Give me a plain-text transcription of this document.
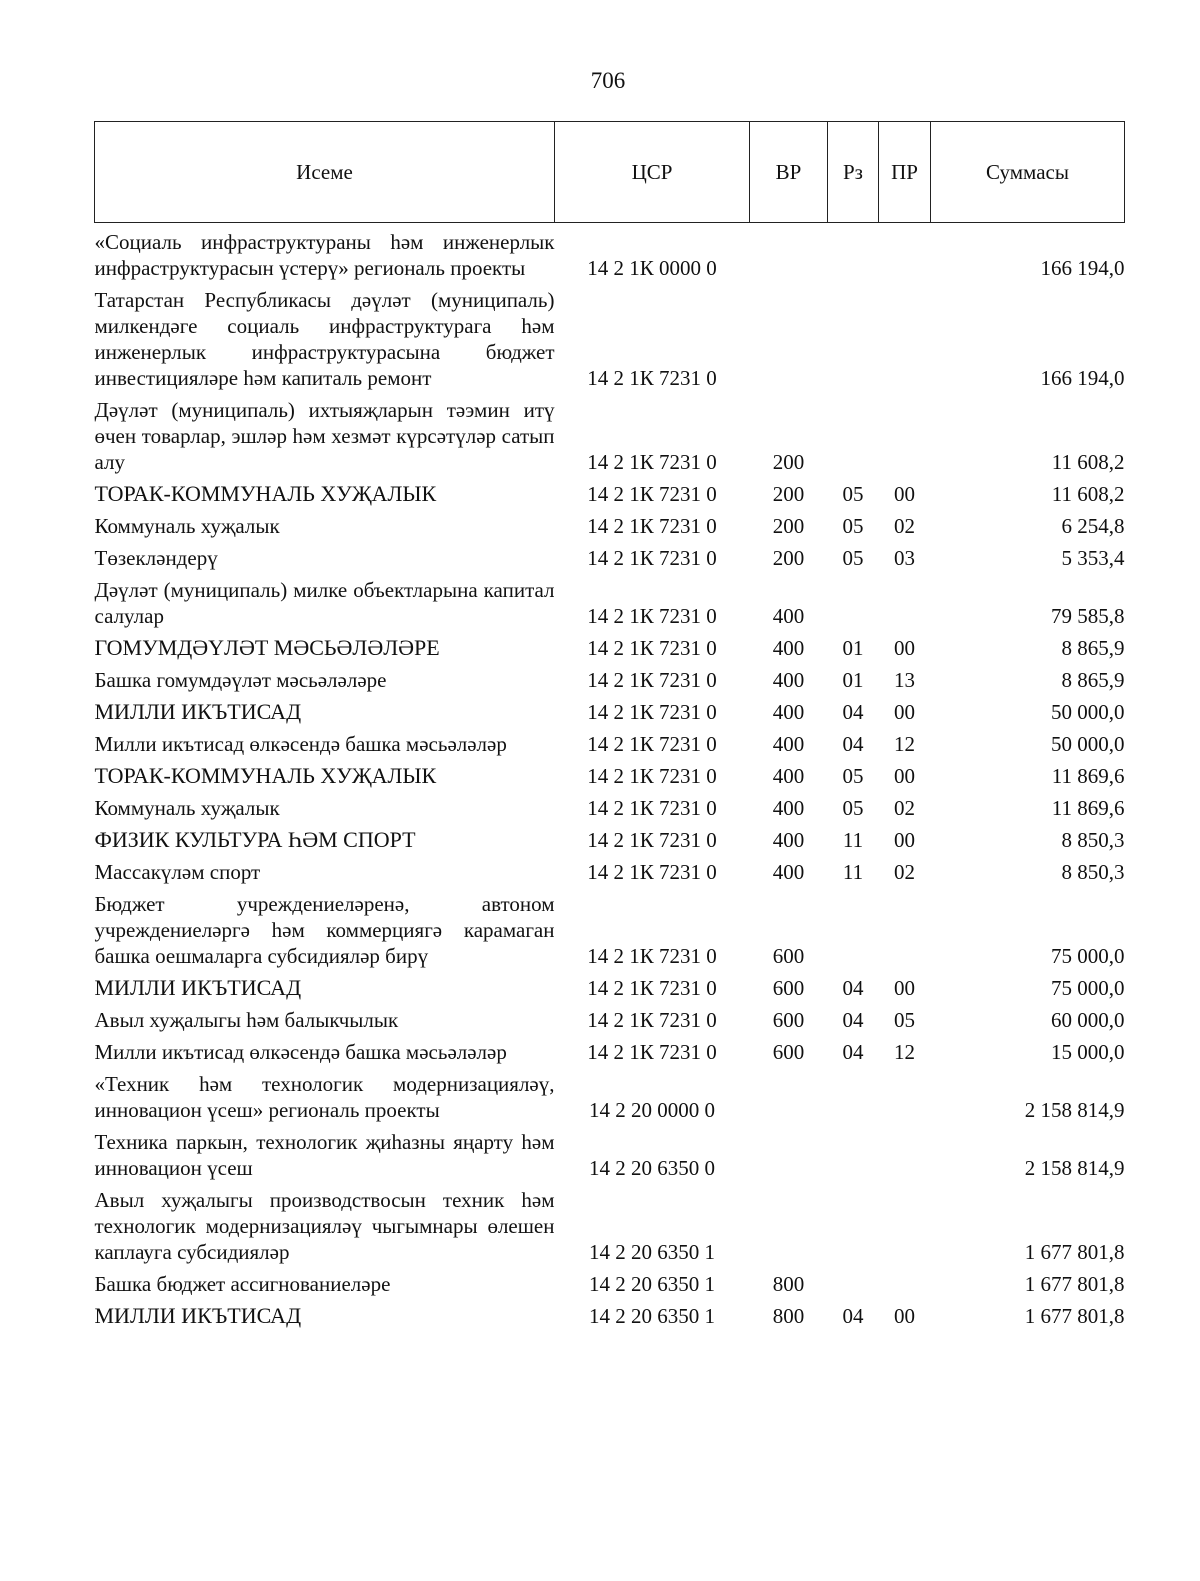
706
Исеме	ЦСР	ВР	Рз	ПР	Суммасы

«Социаль инфраструктураны һәм инженерлык инфраструктурасын үстерү» региональ проекты	14 2 1К 0000 0				166 194,0

Татарстан Республикасы дәүләт (муниципаль) милкендәге социаль инфраструктурага һәм инженерлык инфраструктурасына бюджет инвестицияләре һәм капиталь ремонт	14 2 1К 7231 0				166 194,0

Дәүләт (муниципаль) ихтыяҗларын тәэмин итү өчен товарлар, эшләр һәм хезмәт күрсәтүләр сатып алу	14 2 1К 7231 0	200			11 608,2

ТОРАК-КОММУНАЛЬ ХУҖАЛЫК	14 2 1К 7231 0	200	05	00	11 608,2

Коммуналь хуҗалык	14 2 1К 7231 0	200	05	02	6 254,8

Төзекләндерү	14 2 1К 7231 0	200	05	03	5 353,4

Дәүләт (муниципаль) милке объектларына капитал салулар	14 2 1К 7231 0	400			79 585,8

ГОМУМДӘҮЛӘТ МӘСЬӘЛӘЛӘРЕ	14 2 1К 7231 0	400	01	00	8 865,9

Башка гомумдәүләт мәсьәләләре	14 2 1К 7231 0	400	01	13	8 865,9

МИЛЛИ ИКЪТИСАД	14 2 1К 7231 0	400	04	00	50 000,0

Милли икътисад өлкәсендә башка мәсьәләләр	14 2 1К 7231 0	400	04	12	50 000,0

ТОРАК-КОММУНАЛЬ ХУҖАЛЫК	14 2 1К 7231 0	400	05	00	11 869,6

Коммуналь хуҗалык	14 2 1К 7231 0	400	05	02	11 869,6

ФИЗИК КУЛЬТУРА ҺӘМ СПОРТ	14 2 1К 7231 0	400	11	00	8 850,3

Массакүләм спорт	14 2 1К 7231 0	400	11	02	8 850,3

Бюджет учреждениеләренә, автоном учреждениеләргә һәм коммерциягә карамаган башка оешмаларга субсидияләр бирү	14 2 1К 7231 0	600			75 000,0

МИЛЛИ ИКЪТИСАД	14 2 1К 7231 0	600	04	00	75 000,0

Авыл хуҗалыгы һәм балыкчылык	14 2 1К 7231 0	600	04	05	60 000,0

Милли икътисад өлкәсендә башка мәсьәләләр	14 2 1К 7231 0	600	04	12	15 000,0

«Техник һәм технологик модернизацияләү, инновацион үсеш» региональ проекты	14 2 20 0000 0				2 158 814,9

Техника паркын, технологик җиһазны яңарту һәм инновацион үсеш	14 2 20 6350 0				2 158 814,9

Авыл хуҗалыгы производствосын техник һәм технологик модернизацияләү чыгымнары өлешен каплауга субсидияләр	14 2 20 6350 1				1 677 801,8

Башка бюджет ассигнованиеләре	14 2 20 6350 1	800			1 677 801,8

МИЛЛИ ИКЪТИСАД	14 2 20 6350 1	800	04	00	1 677 801,8
